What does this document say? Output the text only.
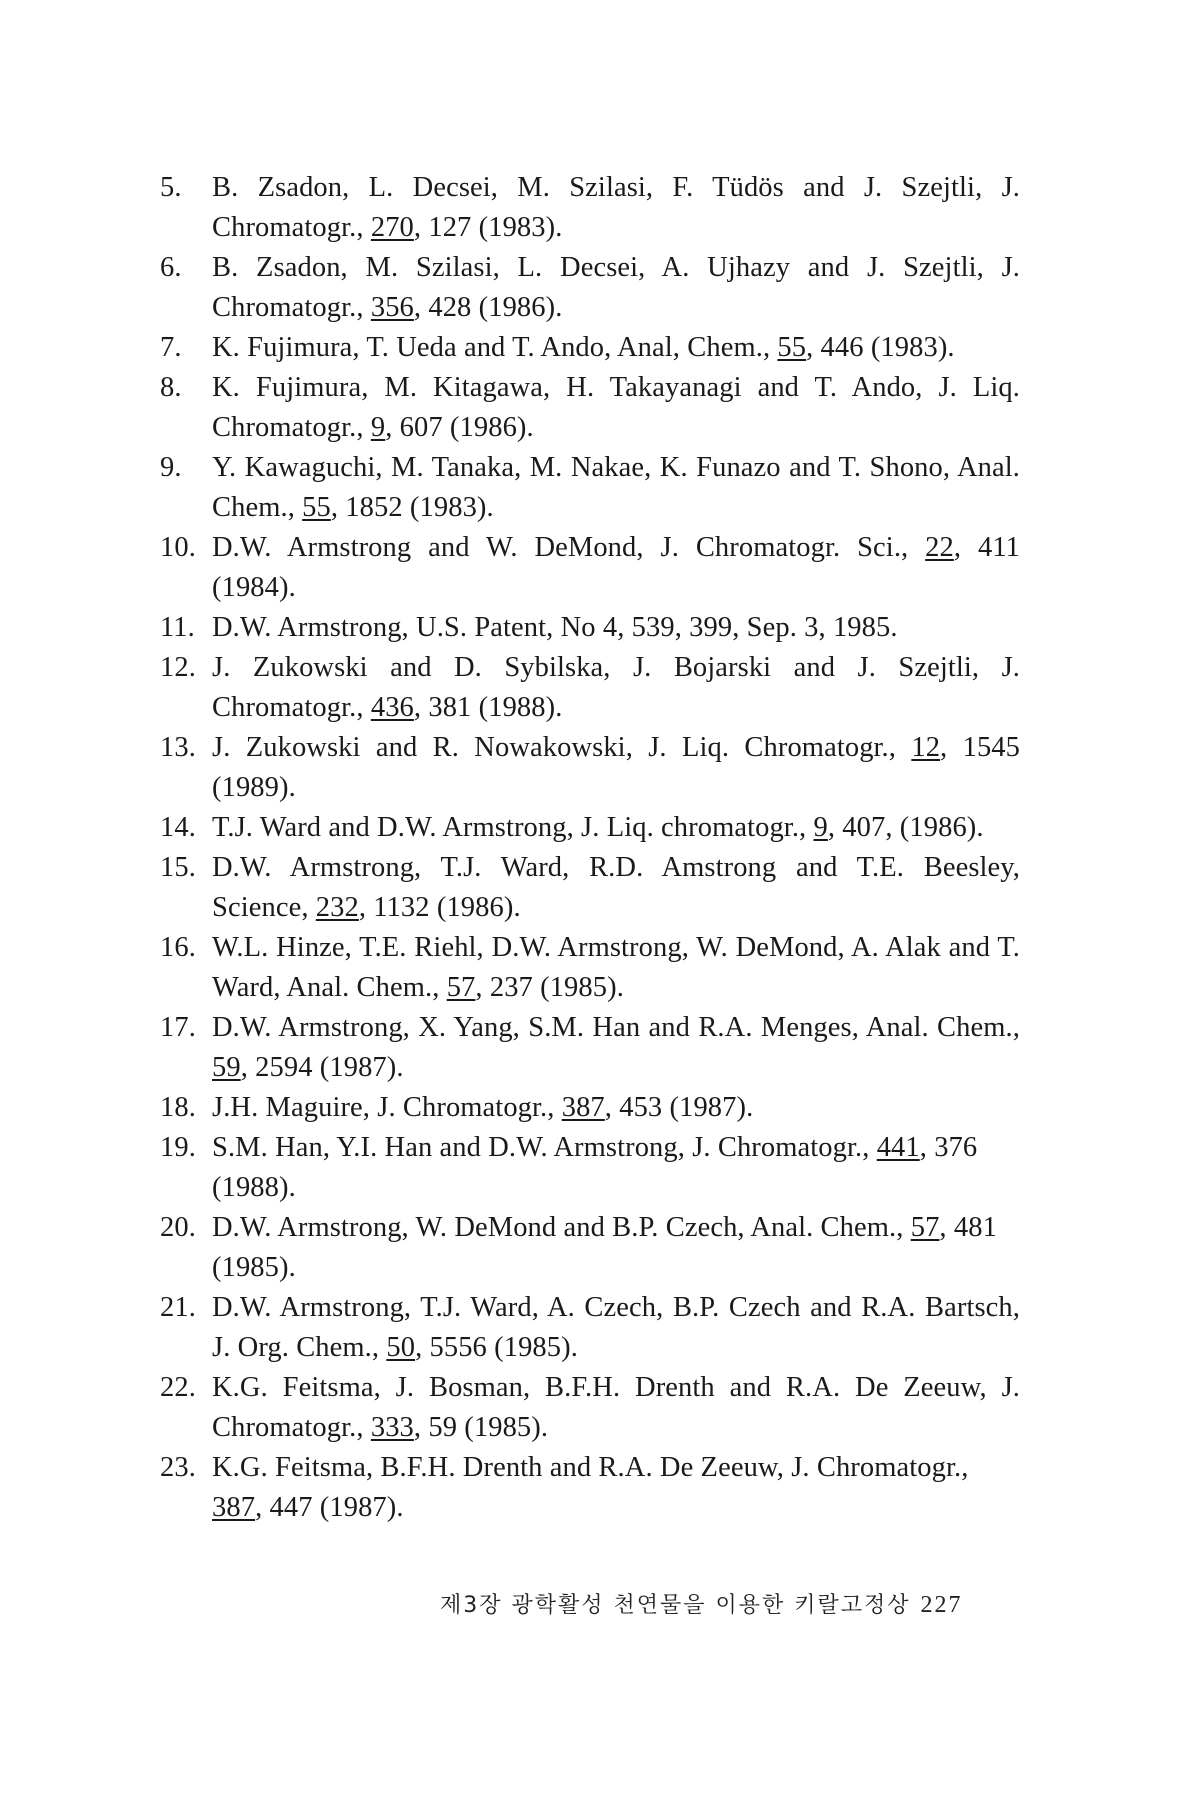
5.	B. Zsadon, L. Decsei, M. Szilasi, F. Tüdös and J. Szejtli, J. Chromatogr., 270, 127 (1983).
6.	B. Zsadon, M. Szilasi, L. Decsei, A. Ujhazy and J. Szejtli, J. Chromatogr., 356, 428 (1986).
7.	K. Fujimura, T. Ueda and T. Ando, Anal, Chem., 55, 446 (1983).
8.	K. Fujimura, M. Kitagawa, H. Takayanagi and T. Ando, J. Liq. Chromatogr., 9, 607 (1986).
9.	Y. Kawaguchi, M. Tanaka, M. Nakae, K. Funazo and T. Shono, Anal. Chem., 55, 1852 (1983).
10. D.W. Armstrong and W. DeMond, J. Chromatogr. Sci., 22, 411 (1984).
11. D.W. Armstrong, U.S. Patent, No 4, 539, 399, Sep. 3, 1985.
12. J. Zukowski and D. Sybilska, J. Bojarski and J. Szejtli, J. Chromatogr., 436, 381 (1988).
13. J. Zukowski and R. Nowakowski, J. Liq. Chromatogr., 12, 1545 (1989).
14. T.J. Ward and D.W. Armstrong, J. Liq. chromatogr., 9, 407, (1986).
15. D.W. Armstrong, T.J. Ward, R.D. Amstrong and T.E. Beesley, Science, 232, 1132 (1986).
16. W.L. Hinze, T.E. Riehl, D.W. Armstrong, W. DeMond, A. Alak and T. Ward, Anal. Chem., 57, 237 (1985).
17. D.W. Armstrong, X. Yang, S.M. Han and R.A. Menges, Anal. Chem., 59, 2594 (1987).
18. J.H. Maguire, J. Chromatogr., 387, 453 (1987).
19. S.M. Han, Y.I. Han and D.W. Armstrong, J. Chromatogr., 441, 376 (1988).
20. D.W. Armstrong, W. DeMond and B.P. Czech, Anal. Chem., 57, 481 (1985).
21. D.W. Armstrong, T.J. Ward, A. Czech, B.P. Czech and R.A. Bartsch, J. Org. Chem., 50, 5556 (1985).
22. K.G. Feitsma, J. Bosman, B.F.H. Drenth and R.A. De Zeeuw, J. Chromatogr., 333, 59 (1985).
23. K.G. Feitsma, B.F.H. Drenth and R.A. De Zeeuw, J. Chromatogr., 387, 447 (1987).
제3장 광학활성 천연물을 이용한 키랄고정상 227
